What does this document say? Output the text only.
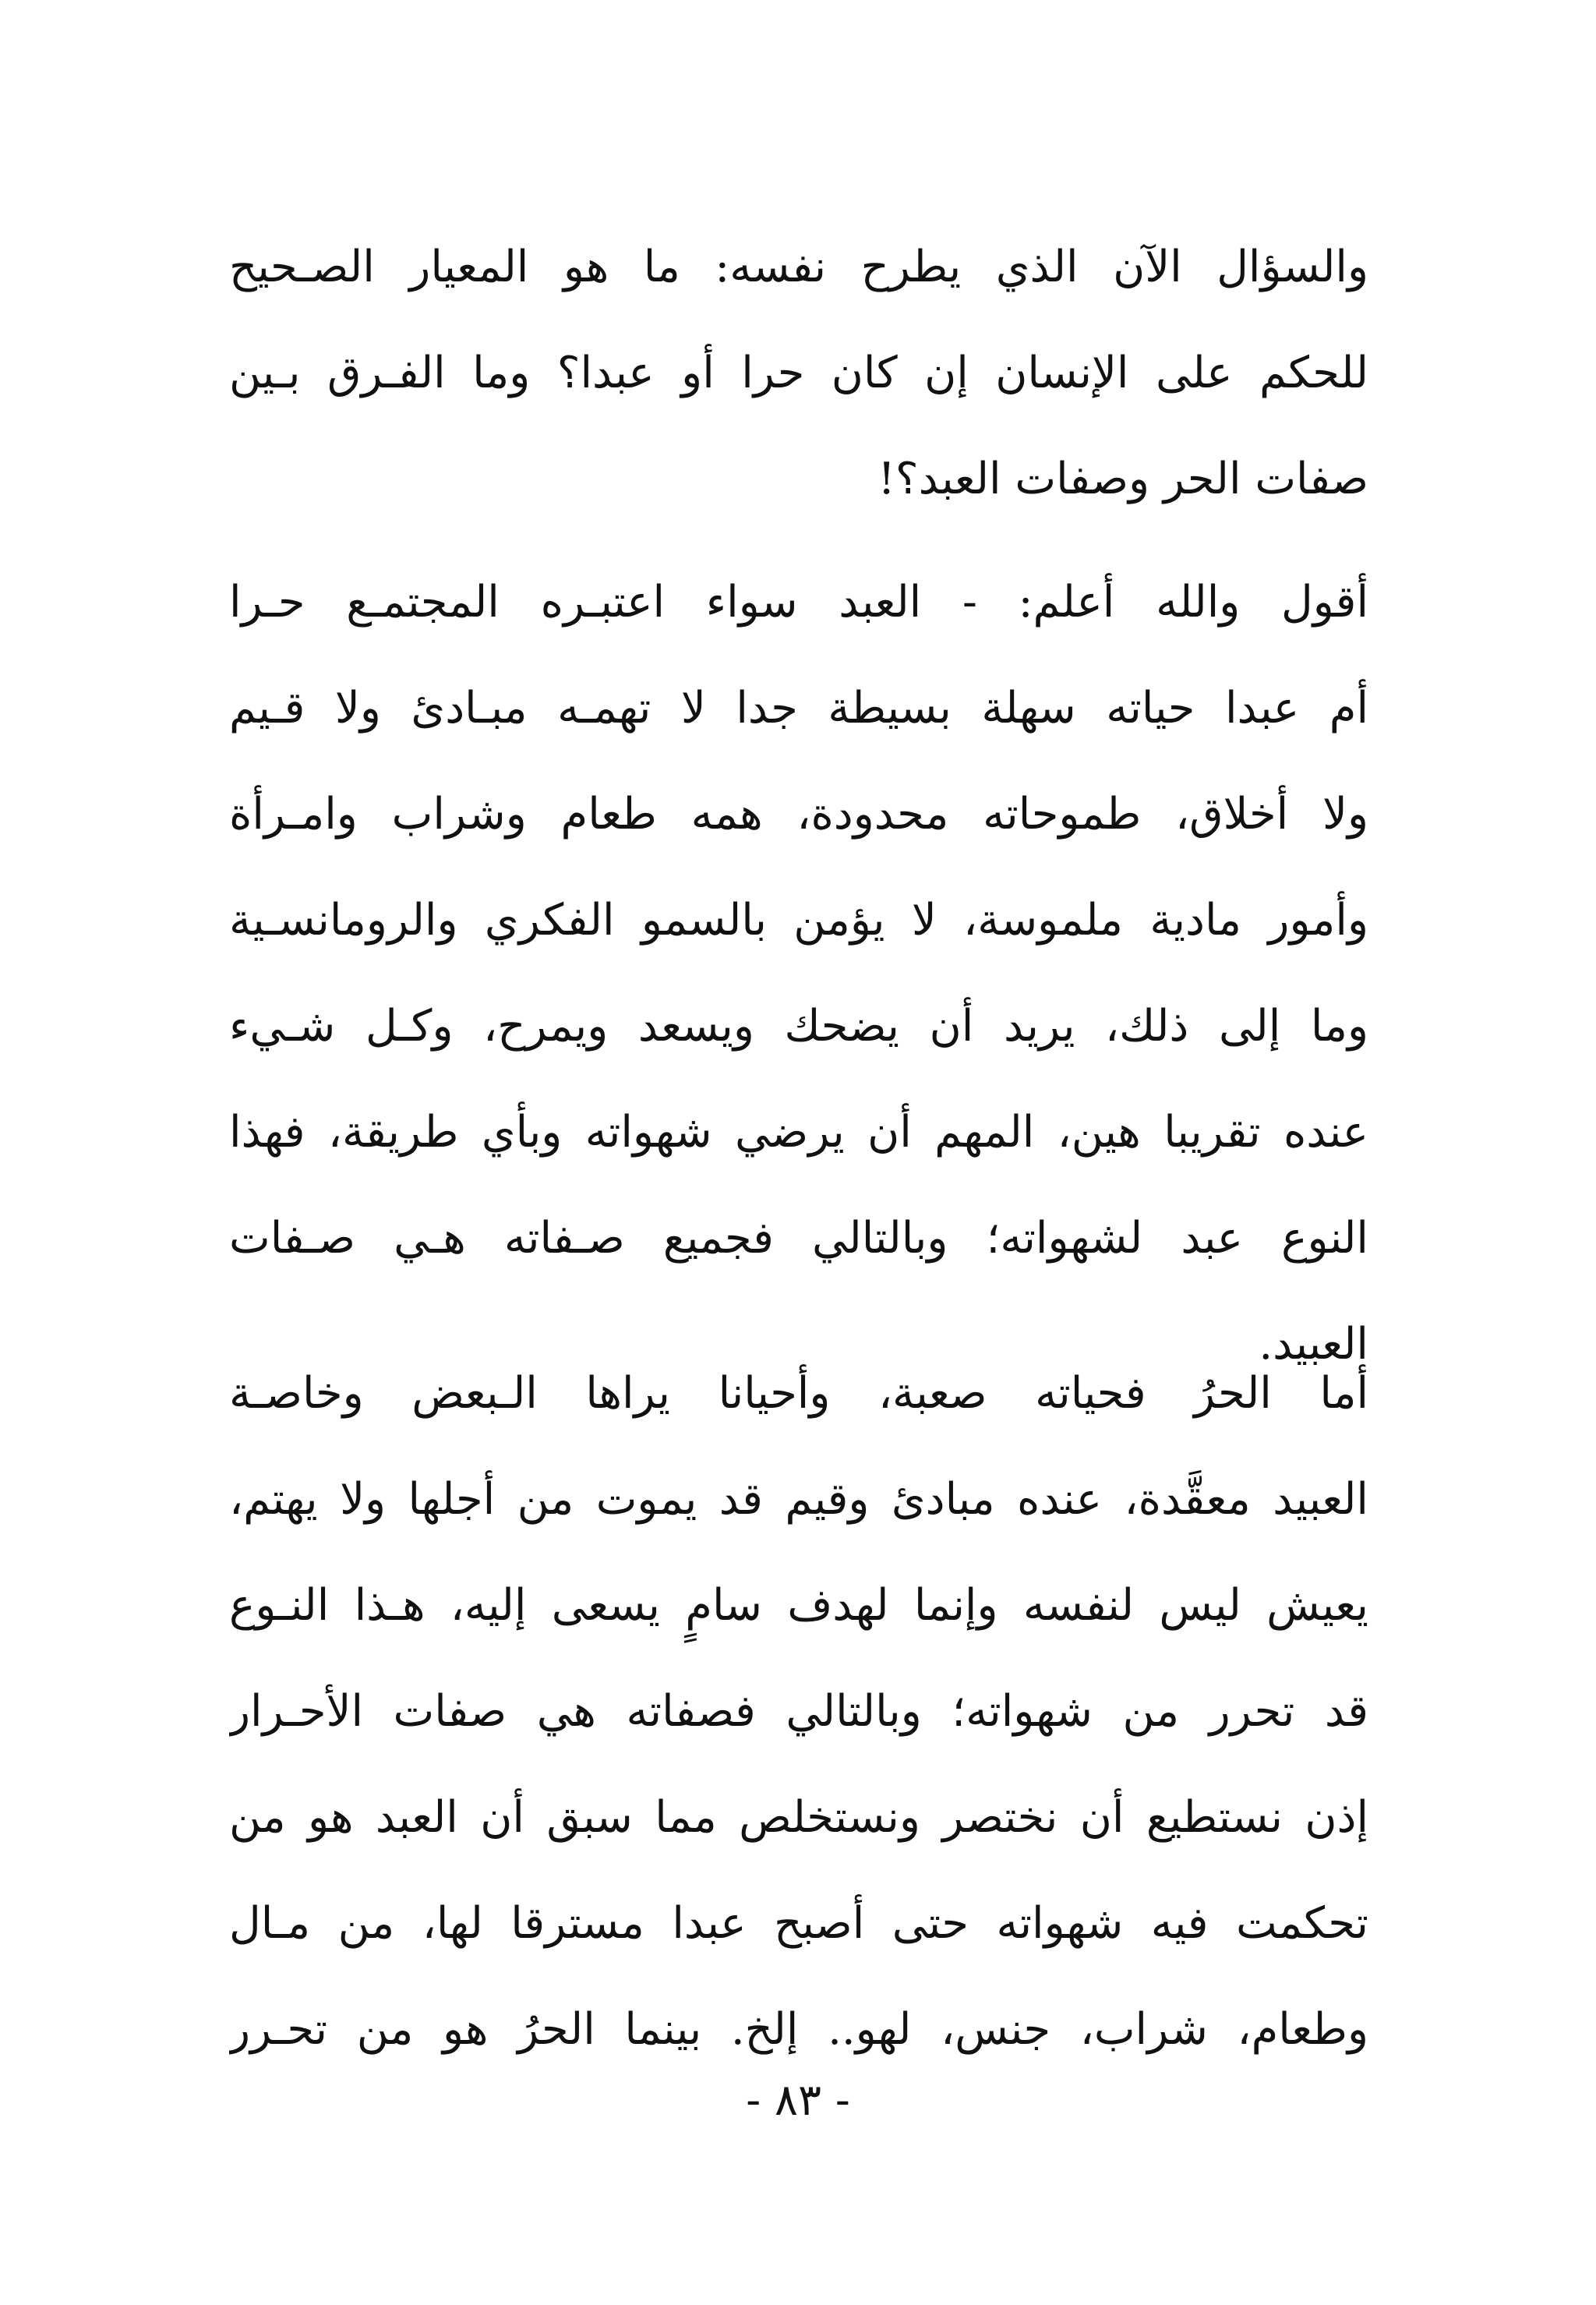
والسؤال الآن الذي يطرح نفسه: ما هو المعيار الصـحيح
للحكم على الإنسان إن كان حرا أو عبدا؟ وما الفـرق بـين
صفات الحر وصفات العبد؟!
أقول والله أعلم: - العبد سواء اعتبـره المجتمـع حـرا
أم عبدا حياته سهلة بسيطة جدا لا تهمـه مبـادئ ولا قـيم
ولا أخلاق، طموحاته محدودة، همه طعام وشراب وامـرأة
وأمور مادية ملموسة، لا يؤمن بالسمو الفكري والرومانسـية
وما إلى ذلك، يريد أن يضحك ويسعد ويمرح، وكـل شـيء
عنده تقريبا هين، المهم أن يرضي شهواته وبأي طريقة، فهذا
النوع عبد لشهواته؛ وبالتالي فجميع صـفاته هـي صـفات
العبيد.
أما الحرُ فحياته صعبة، وأحيانا يراها الـبعض وخاصـة
العبيد معقَّدة، عنده مبادئ وقيم قد يموت من أجلها ولا يهتم،
يعيش ليس لنفسه وإنما لهدف سامٍ يسعى إليه، هـذا النـوع
قد تحرر من شهواته؛ وبالتالي فصفاته هي صفات الأحـرار
إذن نستطيع أن نختصر ونستخلص مما سبق أن العبد هو من
تحكمت فيه شهواته حتى أصبح عبدا مسترقا لها، من مـال
وطعام، شراب، جنس، لهو.. إلخ. بينما الحرُ هو من تحـرر
- ٨٣ -
